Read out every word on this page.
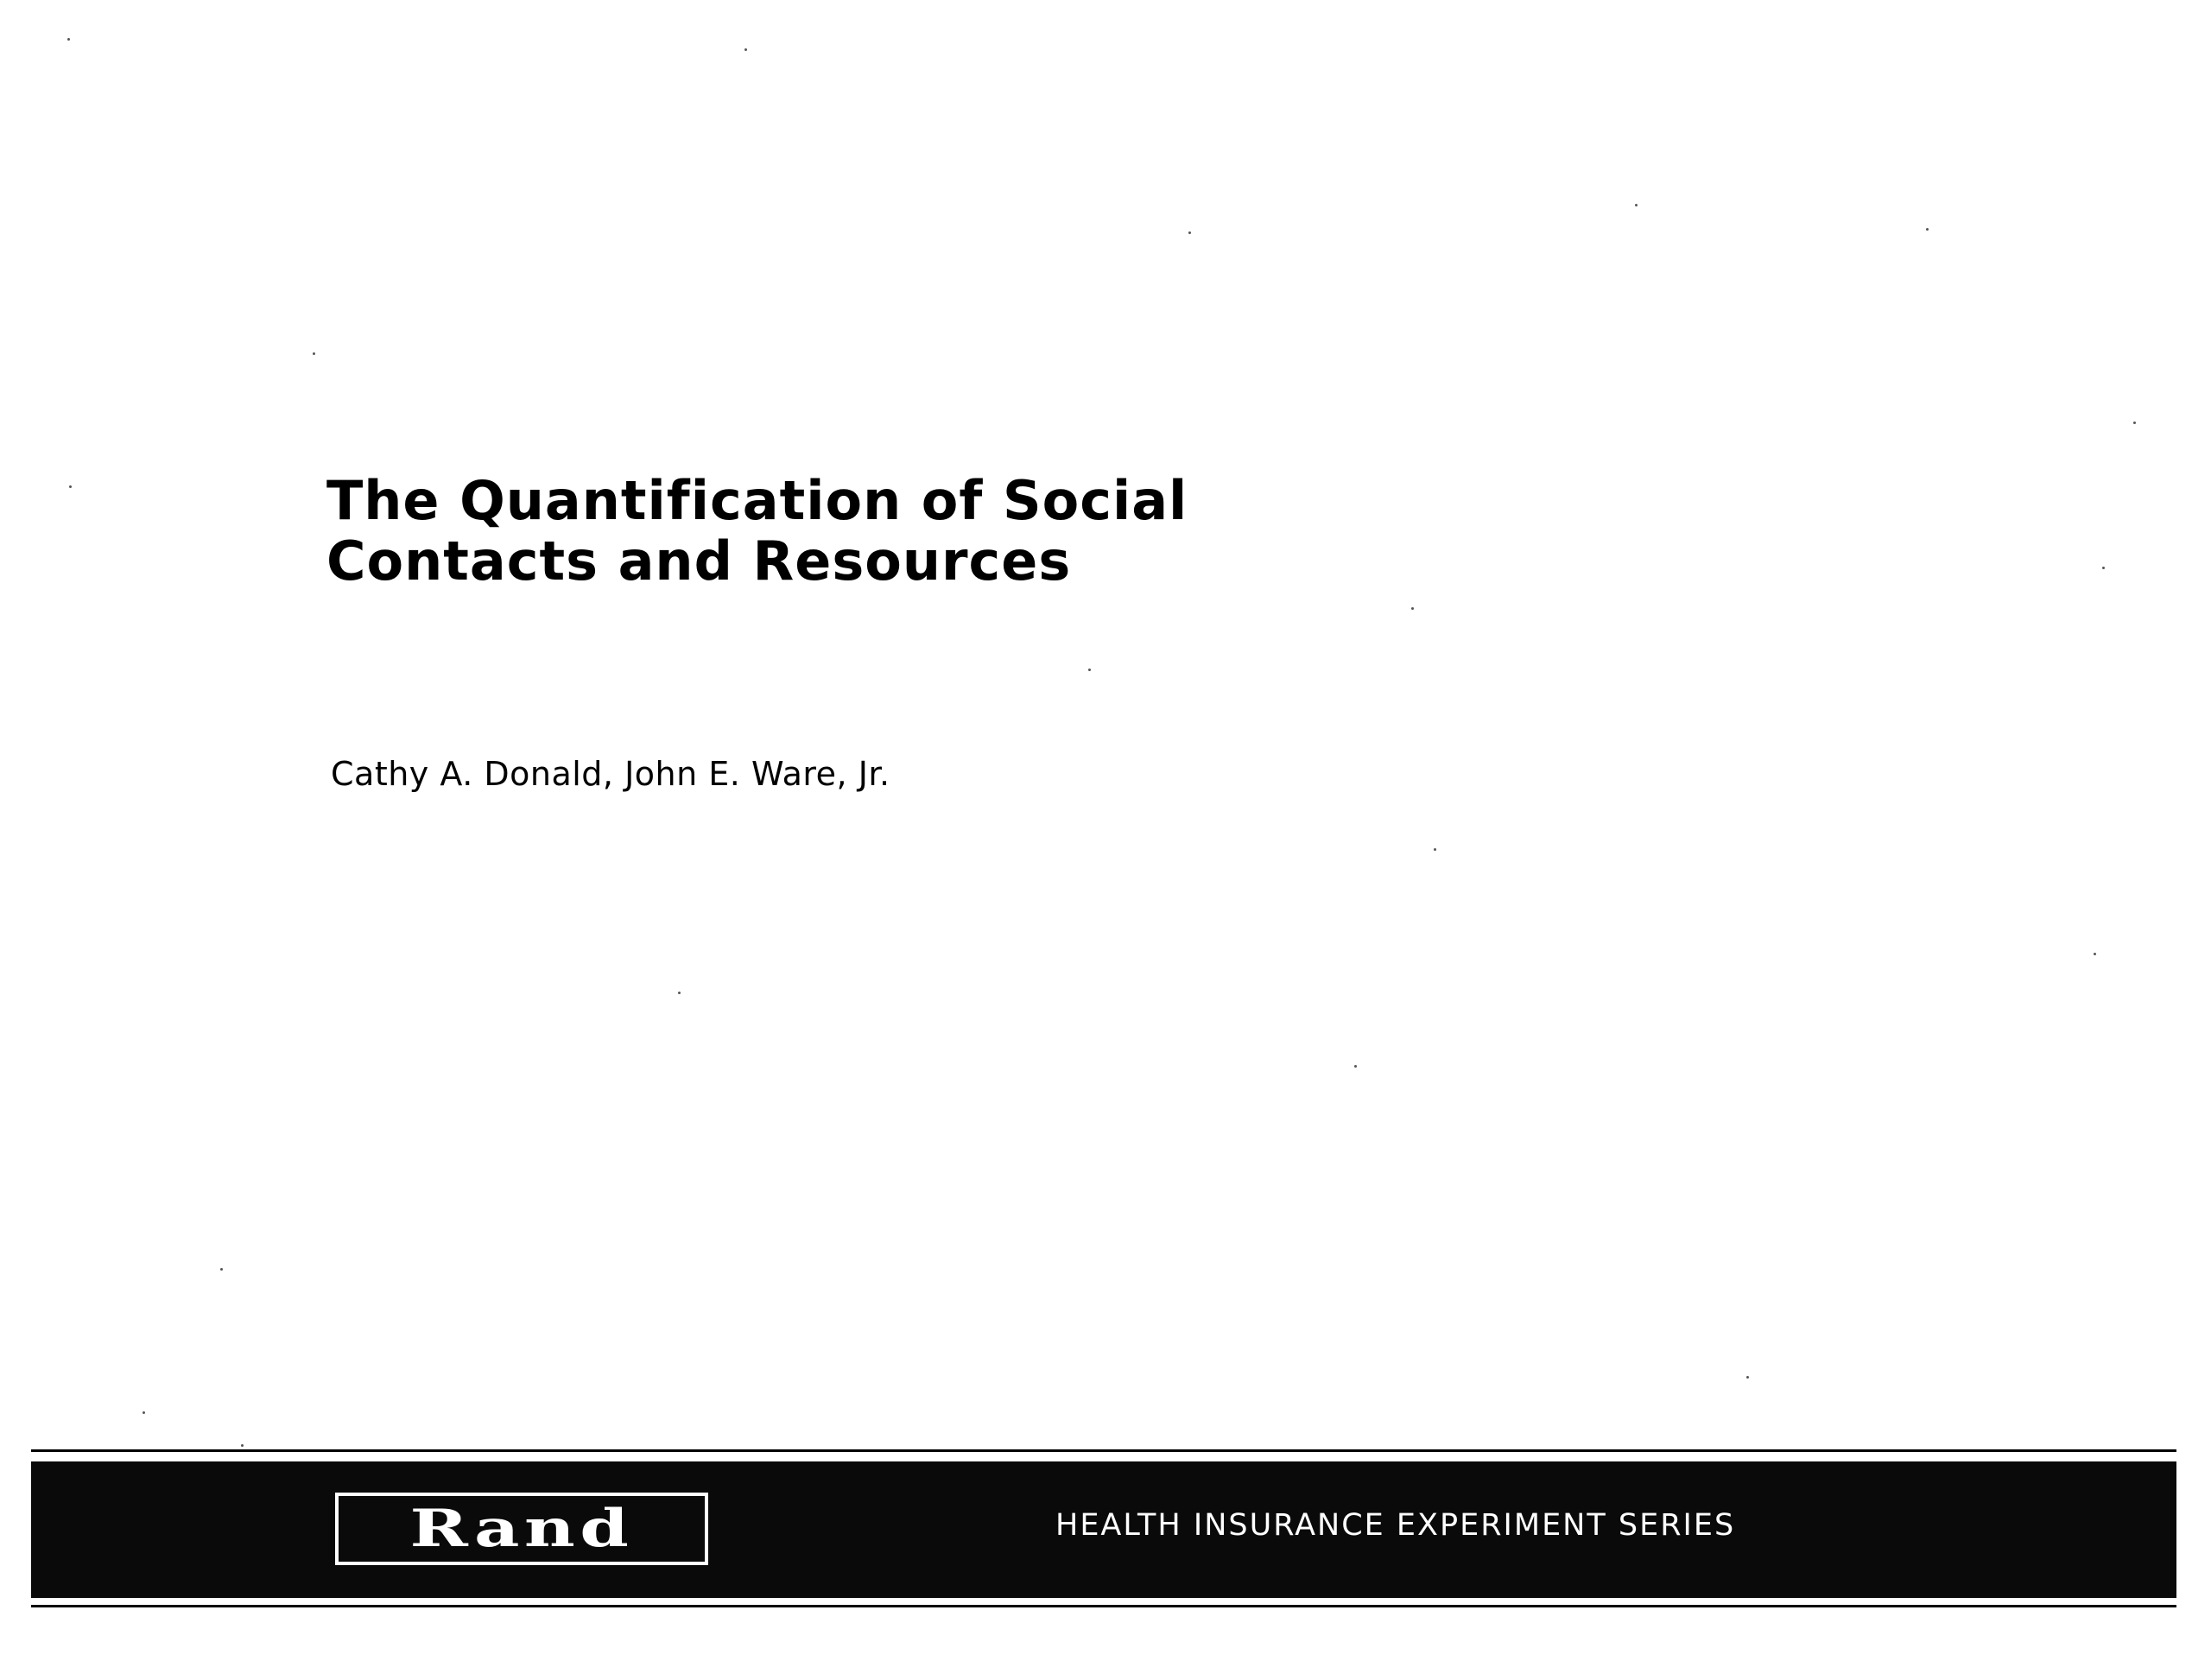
The Quantification of Social
Contacts and Resources

Cathy A. Donald, John E. Ware, Jr.

Rand	HEALTH INSURANCE EXPERIMENT SERIES
